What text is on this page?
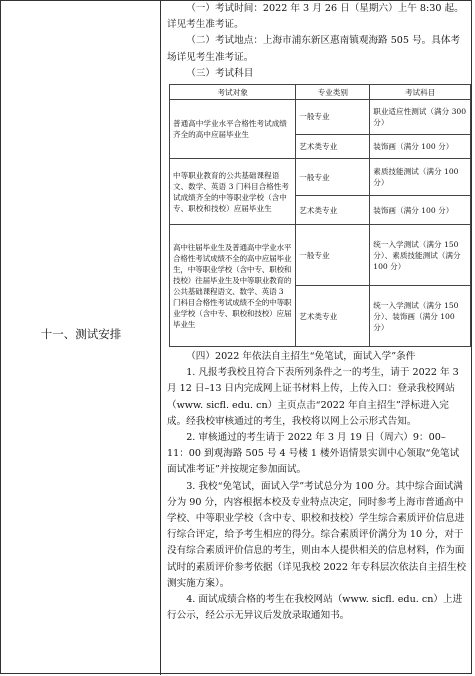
十一、测试安排

（一）考试时间：2022 年 3 月 26 日（星期六）上午 8:30 起。详见考生准考证。

（二）考试地点：上海市浦东新区惠南镇观海路 505 号。具体考场详见考生准考证。

（三）考试科目

考试对象	专业类别	考试科目
普通高中学业水平合格性考试成绩齐全的高中应届毕业生	一般专业	职业适应性测试（满分 300 分）
	艺术类专业	装饰画（满分 100 分）
中等职业教育的公共基础课程语文、数学、英语 3 门科目合格性考试成绩齐全的中等职业学校（含中专、职校和技校）应届毕业生	一般专业	素质技能测试（满分 100 分）
	艺术类专业	装饰画（满分 100 分）
高中往届毕业生及普通高中学业水平合格性考试成绩不全的高中应届毕业生，中等职业学校（含中专、职校和技校）往届毕业生及中等职业教育的公共基础课程语文、数学、英语 3 门科目合格性考试成绩不全的中等职业学校（含中专、职校和技校）应届毕业生	一般专业	统一入学测试（满分 150 分）、素质技能测试（满分 100 分）
	艺术类专业	统一入学测试（满分 150 分）、装饰画（满分 100 分）

（四）2022 年依法自主招生“免笔试，面试入学”条件

1. 凡报考我校且符合下表所列条件之一的考生，请于 2022 年 3 月 12 日–13 日内完成网上证书材料上传，上传入口：登录我校网站（www. sicfl. edu. cn）主页点击“2022 年自主招生”浮标进入完成。经我校审核通过的考生，我校将以网上公示形式告知。

2. 审核通过的考生请于 2022 年 3 月 19 日（周六）9：00–11：00 到观海路 505 号 4 号楼 1 楼外语情景实训中心领取“免笔试面试准考证”并按规定参加面试。

3. 我校“免笔试，面试入学”考试总分为 100 分。其中综合面试满分为 90 分，内容根据本校及专业特点决定，同时参考上海市普通高中学校、中等职业学校（含中专、职校和技校）学生综合素质评价信息进行综合评定，给予考生相应的得分。综合素质评价满分为 10 分，对于没有综合素质评价信息的考生，则由本人提供相关的信息材料，作为面试时的素质评价参考依据（详见我校 2022 年专科层次依法自主招生校测实施方案）。

4. 面试成绩合格的考生在我校网站（www. sicfl. edu. cn）上进行公示，经公示无异议后发放录取通知书。
